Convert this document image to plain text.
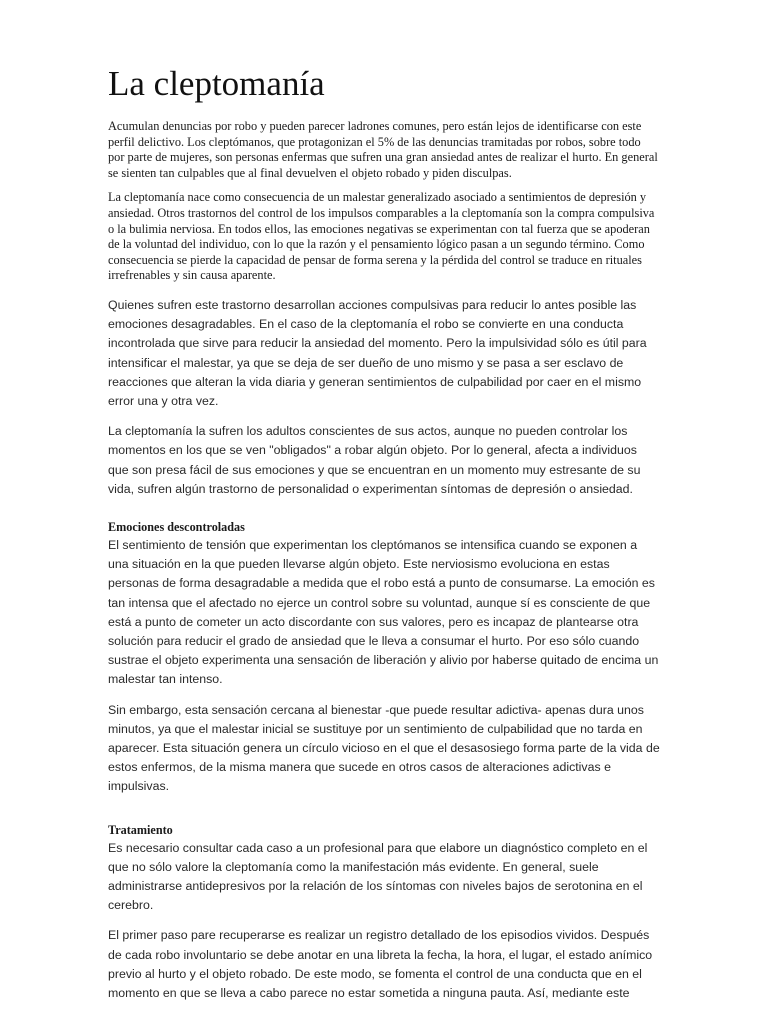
La cleptomanía

Acumulan denuncias por robo y pueden parecer ladrones comunes, pero están lejos de identificarse con este perfil delictivo. Los cleptómanos, que protagonizan el 5% de las denuncias tramitadas por robos, sobre todo por parte de mujeres, son personas enfermas que sufren una gran ansiedad antes de realizar el hurto. En general se sienten tan culpables que al final devuelven el objeto robado y piden disculpas.

La cleptomanía nace como consecuencia de un malestar generalizado asociado a sentimientos de depresión y ansiedad. Otros trastornos del control de los impulsos comparables a la cleptomanía son la compra compulsiva o la bulimia nerviosa. En todos ellos, las emociones negativas se experimentan con tal fuerza que se apoderan de la voluntad del individuo, con lo que la razón y el pensamiento lógico pasan a un segundo término. Como consecuencia se pierde la capacidad de pensar de forma serena y la pérdida del control se traduce en rituales irrefrenables y sin causa aparente.

Quienes sufren este trastorno desarrollan acciones compulsivas para reducir lo antes posible las emociones desagradables. En el caso de la cleptomanía el robo se convierte en una conducta incontrolada que sirve para reducir la ansiedad del momento. Pero la impulsividad sólo es útil para intensificar el malestar, ya que se deja de ser dueño de uno mismo y se pasa a ser esclavo de reacciones que alteran la vida diaria y generan sentimientos de culpabilidad por caer en el mismo error una y otra vez.

La cleptomanía la sufren los adultos conscientes de sus actos, aunque no pueden controlar los momentos en los que se ven "obligados" a robar algún objeto. Por lo general, afecta a individuos que son presa fácil de sus emociones y que se encuentran en un momento muy estresante de su vida, sufren algún trastorno de personalidad o experimentan síntomas de depresión o ansiedad.

Emociones descontroladas

El sentimiento de tensión que experimentan los cleptómanos se intensifica cuando se exponen a una situación en la que pueden llevarse algún objeto. Este nerviosismo evoluciona en estas personas de forma desagradable a medida que el robo está a punto de consumarse. La emoción es tan intensa que el afectado no ejerce un control sobre su voluntad, aunque sí es consciente de que está a punto de cometer un acto discordante con sus valores, pero es incapaz de plantearse otra solución para reducir el grado de ansiedad que le lleva a consumar el hurto. Por eso sólo cuando sustrae el objeto experimenta una sensación de liberación y alivio por haberse quitado de encima un malestar tan intenso.

Sin embargo, esta sensación cercana al bienestar -que puede resultar adictiva- apenas dura unos minutos, ya que el malestar inicial se sustituye por un sentimiento de culpabilidad que no tarda en aparecer. Esta situación genera un círculo vicioso en el que el desasosiego forma parte de la vida de estos enfermos, de la misma manera que sucede en otros casos de alteraciones adictivas e impulsivas.

Tratamiento

Es necesario consultar cada caso a un profesional para que elabore un diagnóstico completo en el que no sólo valore la cleptomanía como la manifestación más evidente. En general, suele administrarse antidepresivos por la relación de los síntomas con niveles bajos de serotonina en el cerebro.

El primer paso pare recuperarse es realizar un registro detallado de los episodios vividos. Después de cada robo involuntario se debe anotar en una libreta la fecha, la hora, el lugar, el estado anímico previo al hurto y el objeto robado. De este modo, se fomenta el control de una conducta que en el momento en que se lleva a cabo parece no estar sometida a ninguna pauta. Así, mediante este
